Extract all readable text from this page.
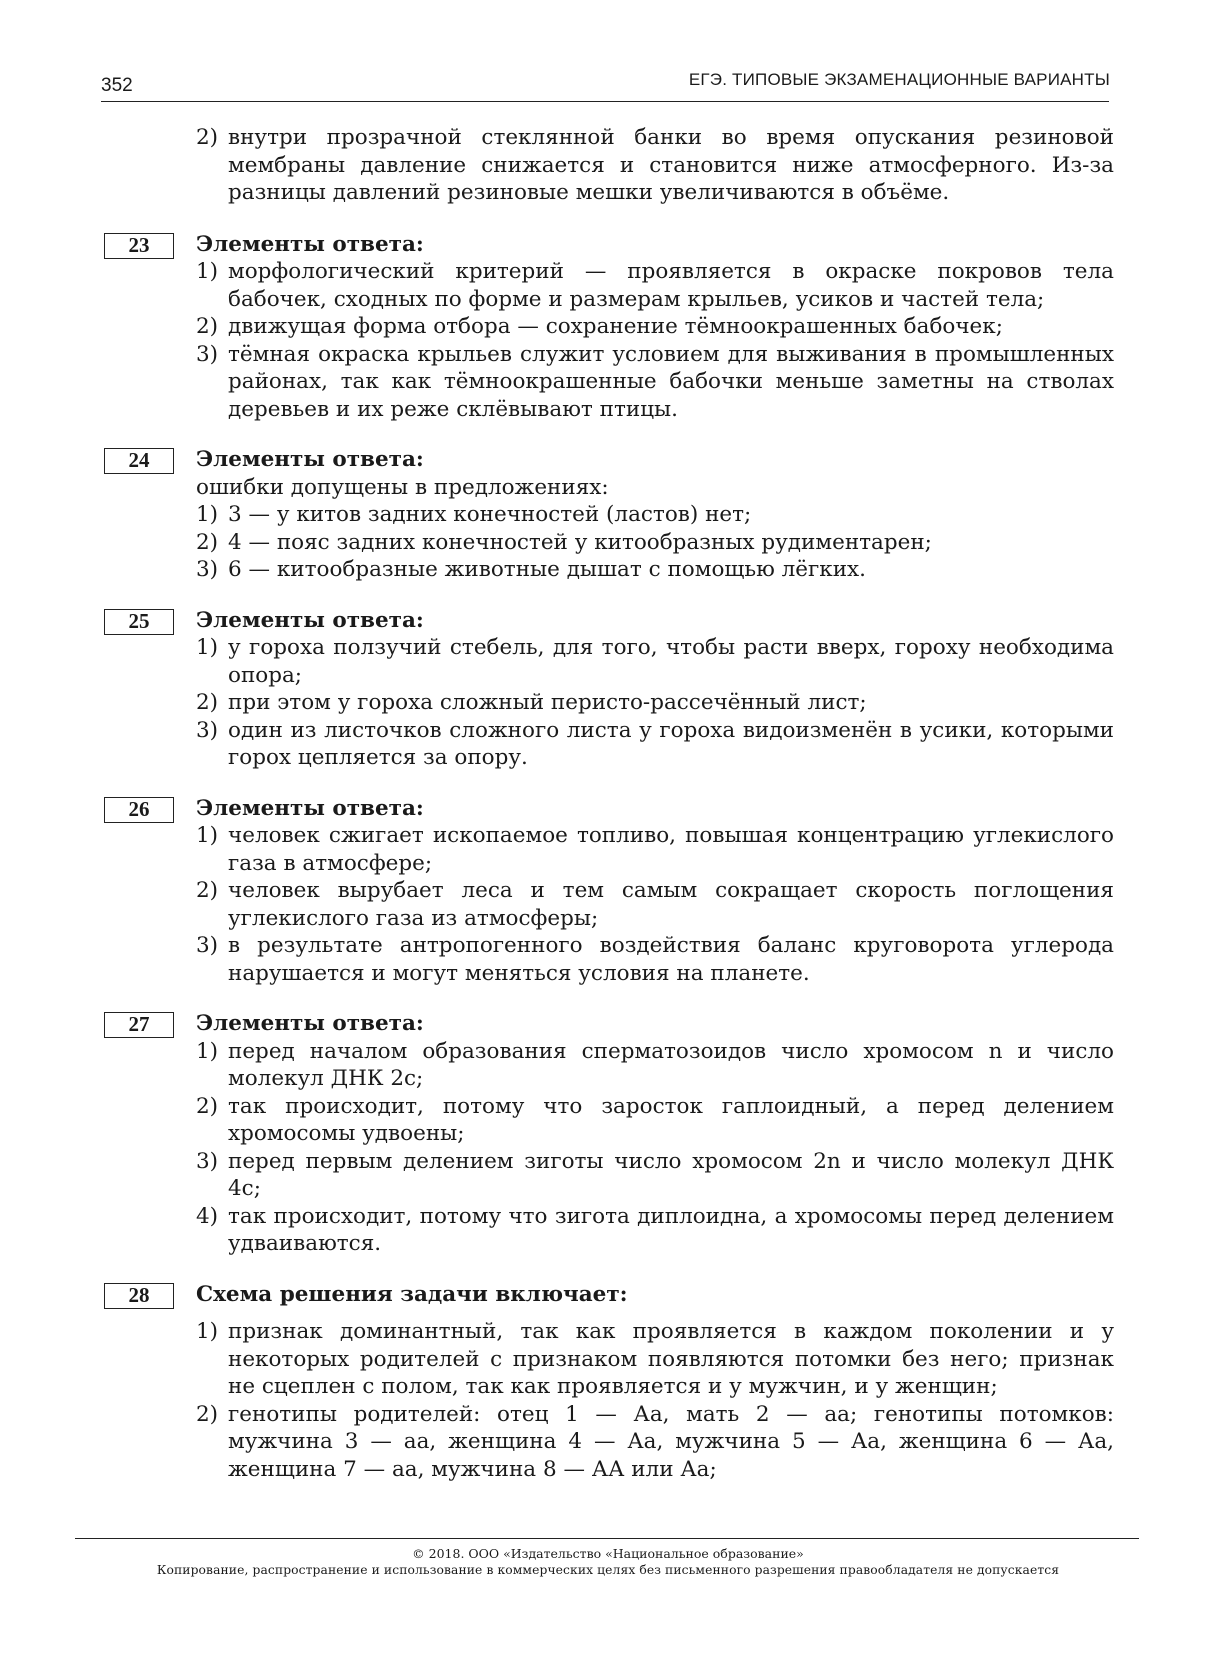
352	ЕГЭ. ТИПОВЫЕ ЭКЗАМЕНАЦИОННЫЕ ВАРИАНТЫ
2) внутри прозрачной стеклянной банки во время опускания резиновой мембраны давление снижается и становится ниже атмосферного. Из-за разницы давлений резиновые мешки увеличиваются в объёме.
23	Элементы ответа:
1) морфологический критерий — проявляется в окраске покровов тела бабочек, сходных по форме и размерам крыльев, усиков и частей тела;
2) движущая форма отбора — сохранение тёмноокрашенных бабочек;
3) тёмная окраска крыльев служит условием для выживания в промышленных районах, так как тёмноокрашенные бабочки меньше заметны на стволах деревьев и их реже склёвывают птицы.
24	Элементы ответа:
ошибки допущены в предложениях:
1) 3 — у китов задних конечностей (ластов) нет;
2) 4 — пояс задних конечностей у китообразных рудиментарен;
3) 6 — китообразные животные дышат с помощью лёгких.
25	Элементы ответа:
1) у гороха ползучий стебель, для того, чтобы расти вверх, гороху необходима опора;
2) при этом у гороха сложный перисто-рассечённый лист;
3) один из листочков сложного листа у гороха видоизменён в усики, которыми горох цепляется за опору.
26	Элементы ответа:
1) человек сжигает ископаемое топливо, повышая концентрацию углекислого газа в атмосфере;
2) человек вырубает леса и тем самым сокращает скорость поглощения углекислого газа из атмосферы;
3) в результате антропогенного воздействия баланс круговорота углерода нарушается и могут меняться условия на планете.
27	Элементы ответа:
1) перед началом образования сперматозоидов число хромосом n и число молекул ДНК 2с;
2) так происходит, потому что заросток гаплоидный, а перед делением хромосомы удвоены;
3) перед первым делением зиготы число хромосом 2n и число молекул ДНК 4с;
4) так происходит, потому что зигота диплоидна, а хромосомы перед делением удваиваются.
28	Схема решения задачи включает:
1) признак доминантный, так как проявляется в каждом поколении и у некоторых родителей с признаком появляются потомки без него; признак не сцеплен с полом, так как проявляется и у мужчин, и у женщин;
2) генотипы родителей: отец 1 — Аа, мать 2 — аа; генотипы потомков: мужчина 3 — аа, женщина 4 — Аа, мужчина 5 — Аа, женщина 6 — Аа, женщина 7 — аа, мужчина 8 — АА или Аа;
© 2018. ООО «Издательство «Национальное образование»
Копирование, распространение и использование в коммерческих целях без письменного разрешения правообладателя не допускается
